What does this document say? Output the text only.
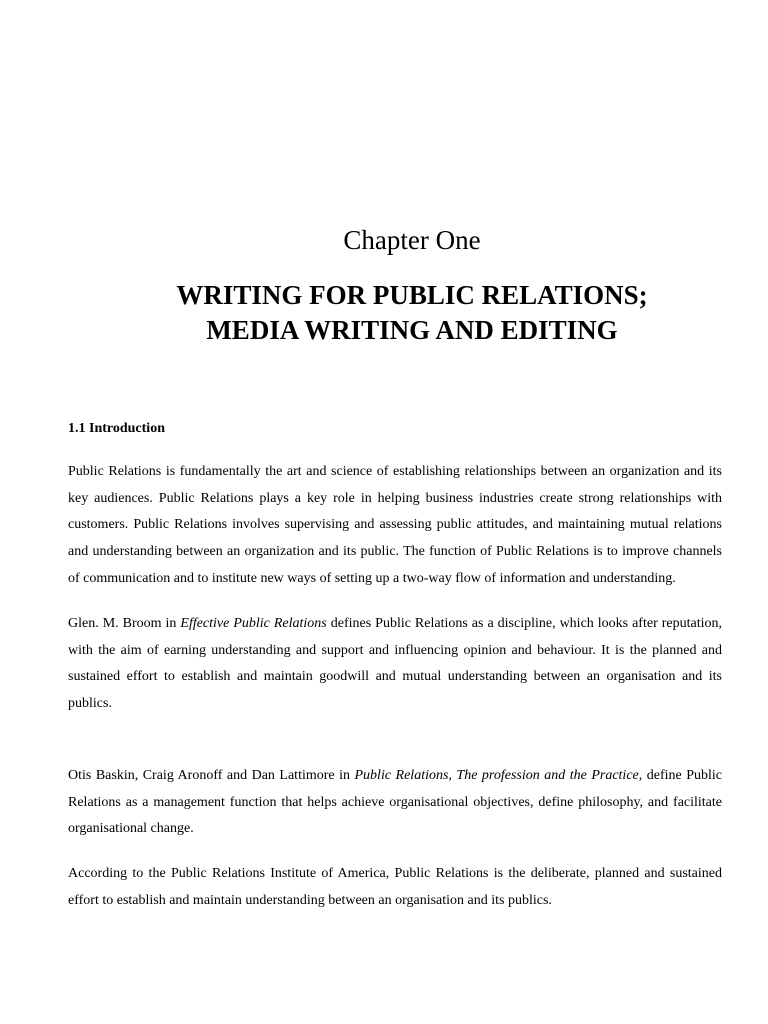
Chapter One
WRITING FOR PUBLIC RELATIONS;
MEDIA WRITING AND EDITING
1.1 Introduction

Public Relations is fundamentally the art and science of establishing relationships between an organization and its key audiences. Public Relations plays a key role in helping business industries create strong relationships with customers. Public Relations involves supervising and assessing public attitudes, and maintaining mutual relations and understanding between an organization and its public. The function of Public Relations is to improve channels of communication and to institute new ways of setting up a two-way flow of information and understanding.

Glen. M. Broom in Effective Public Relations defines Public Relations as a discipline, which looks after reputation, with the aim of earning understanding and support and influencing opinion and behaviour. It is the planned and sustained effort to establish and maintain goodwill and mutual understanding between an organisation and its publics.

Otis Baskin, Craig Aronoff and Dan Lattimore in Public Relations, The profession and the Practice, define Public Relations as a management function that helps achieve organisational objectives, define philosophy, and facilitate organisational change.

According to the Public Relations Institute of America, Public Relations is the deliberate, planned and sustained effort to establish and maintain understanding between an organisation and its publics.
